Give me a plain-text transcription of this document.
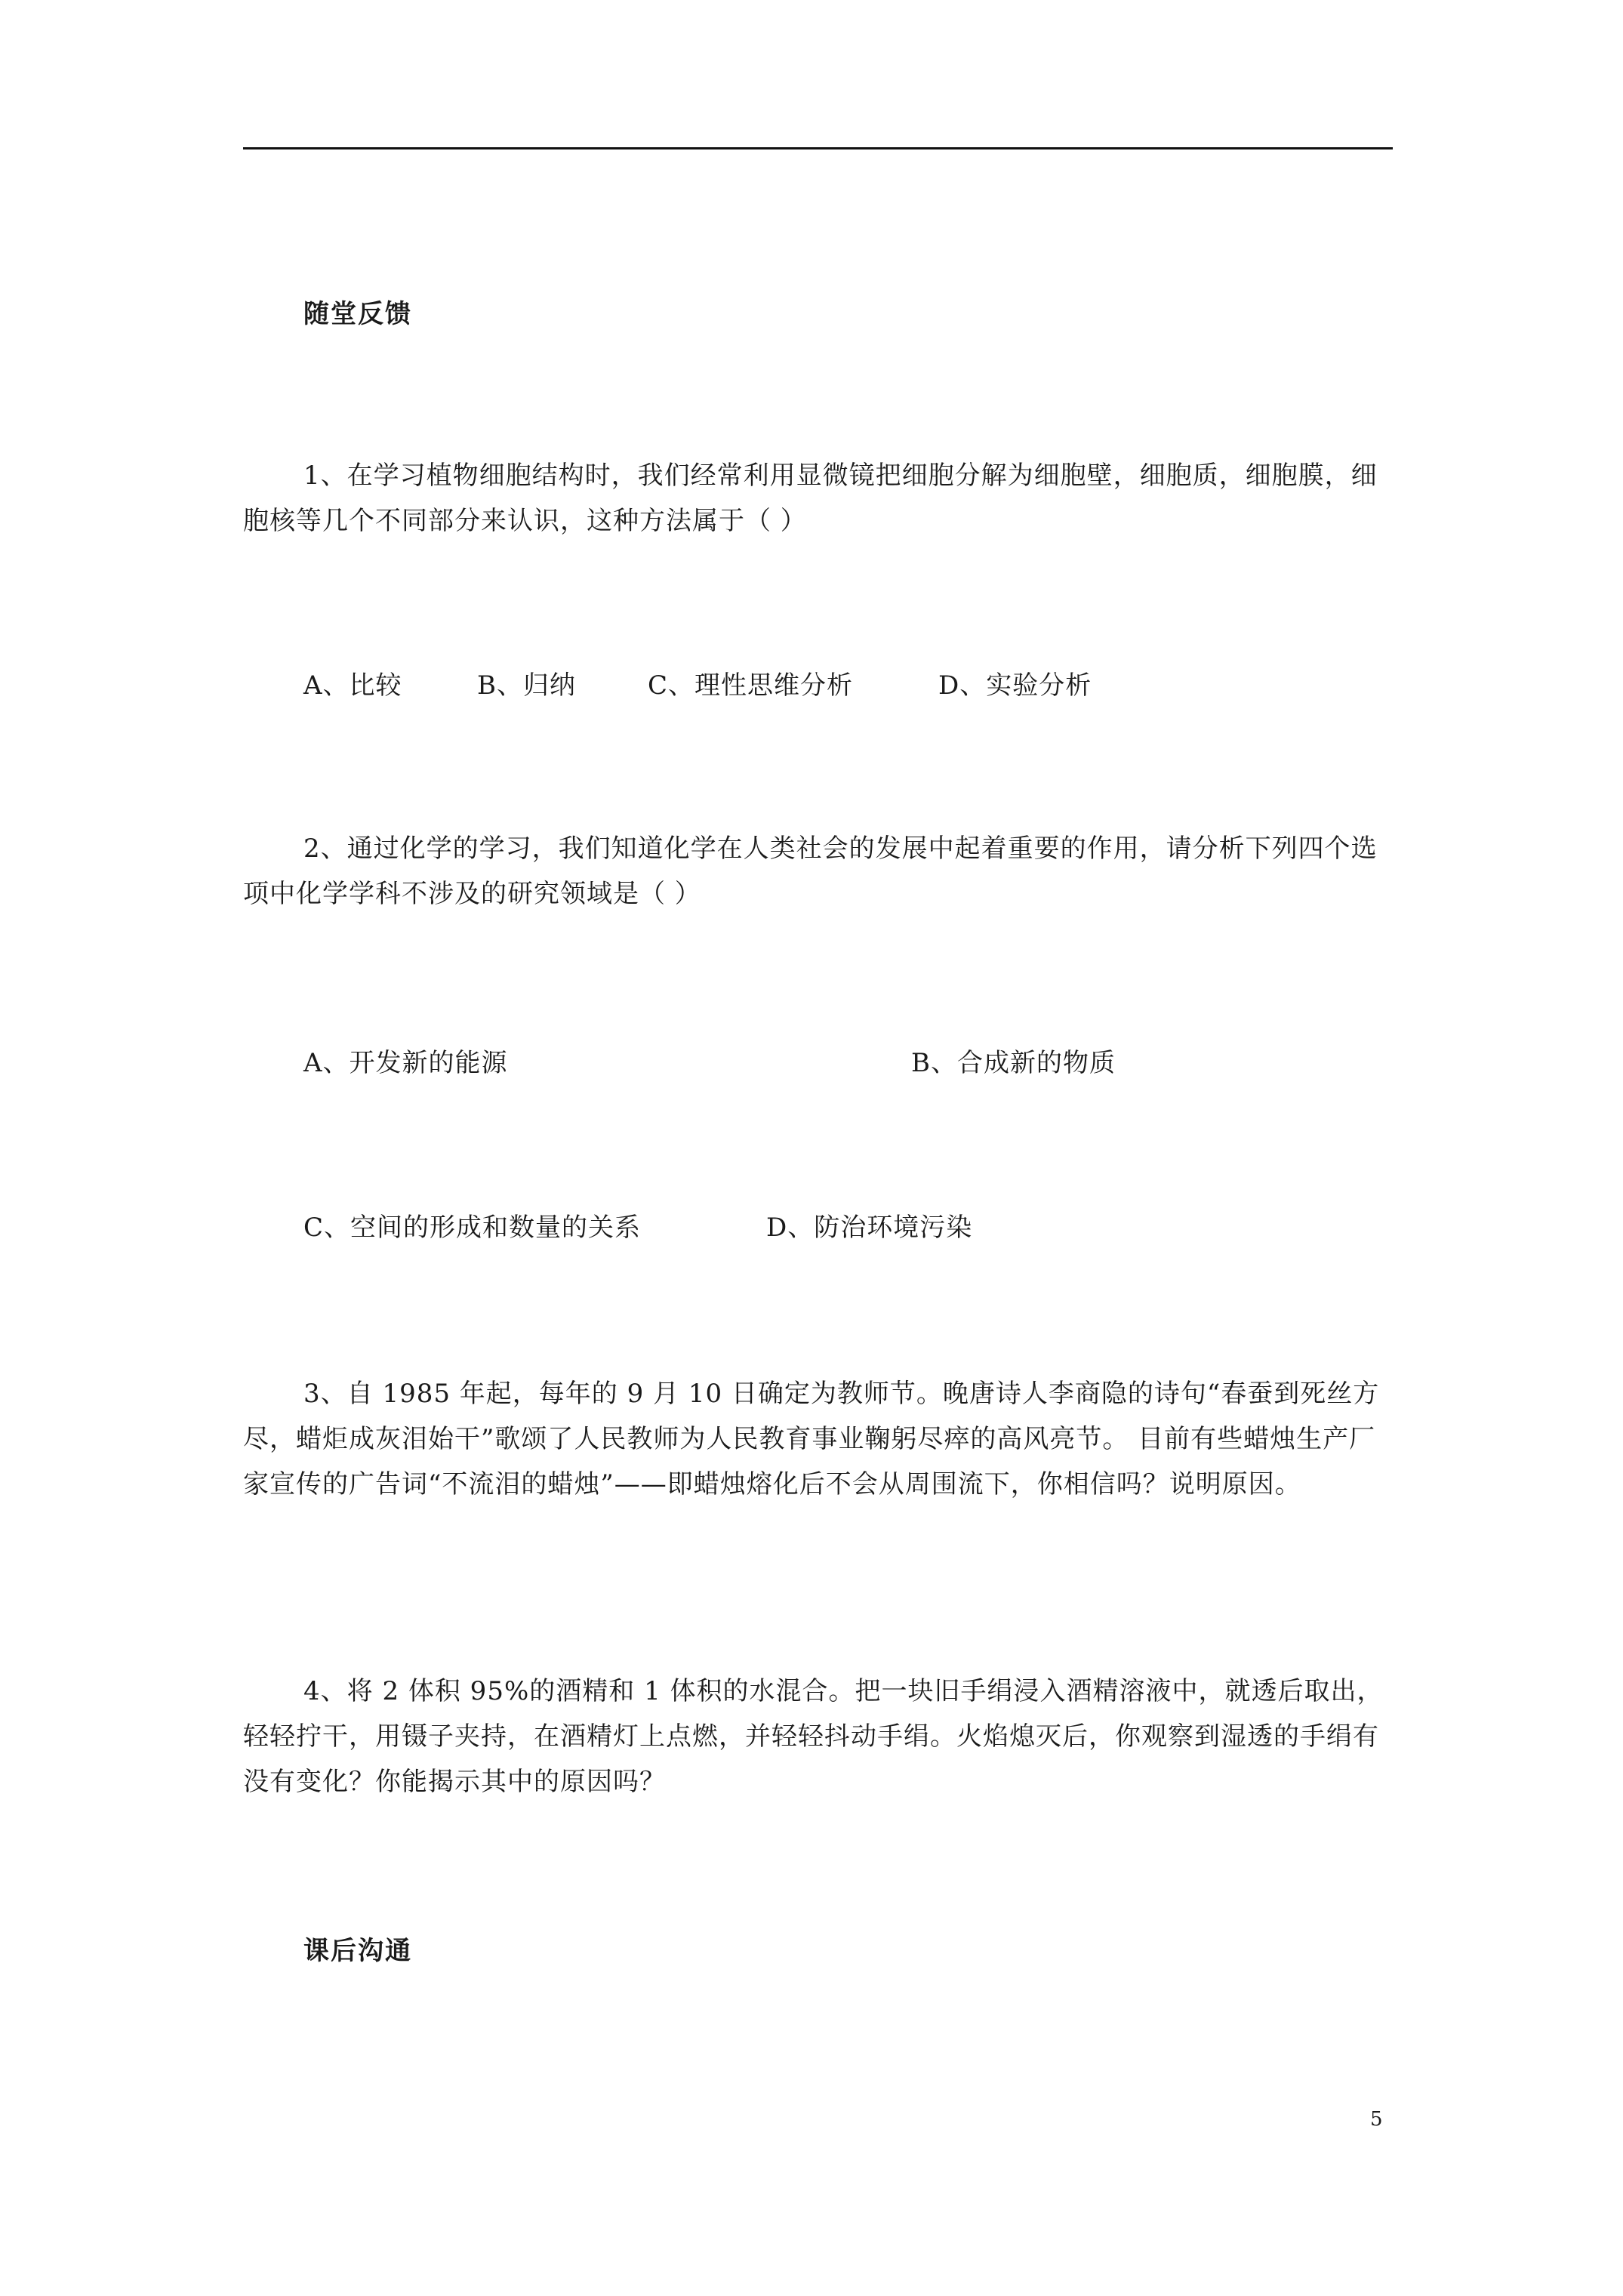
随堂反馈
1、在学习植物细胞结构时，我们经常利用显微镜把细胞分解为细胞壁，细胞质，细胞膜，细胞核等几个不同部分来认识，这种方法属于（ ）
A、比较	B、归纳	C、理性思维分析	D、实验分析
2、通过化学的学习，我们知道化学在人类社会的发展中起着重要的作用，请分析下列四个选项中化学学科不涉及的研究领域是（ ）
A、开发新的能源	B、合成新的物质
C、空间的形成和数量的关系	D、防治环境污染
3、自 1985 年起，每年的 9 月 10 日确定为教师节。晚唐诗人李商隐的诗句“春蚕到死丝方尽，蜡炬成灰泪始干”歌颂了人民教师为人民教育事业鞠躬尽瘁的高风亮节。 目前有些蜡烛生产厂家宣传的广告词“不流泪的蜡烛”——即蜡烛熔化后不会从周围流下，你相信吗？说明原因。
4、将 2 体积 95%的酒精和 1 体积的水混合。把一块旧手绢浸入酒精溶液中，就透后取出，轻轻拧干，用镊子夹持，在酒精灯上点燃，并轻轻抖动手绢。火焰熄灭后，你观察到湿透的手绢有没有变化？你能揭示其中的原因吗？
课后沟通
5
